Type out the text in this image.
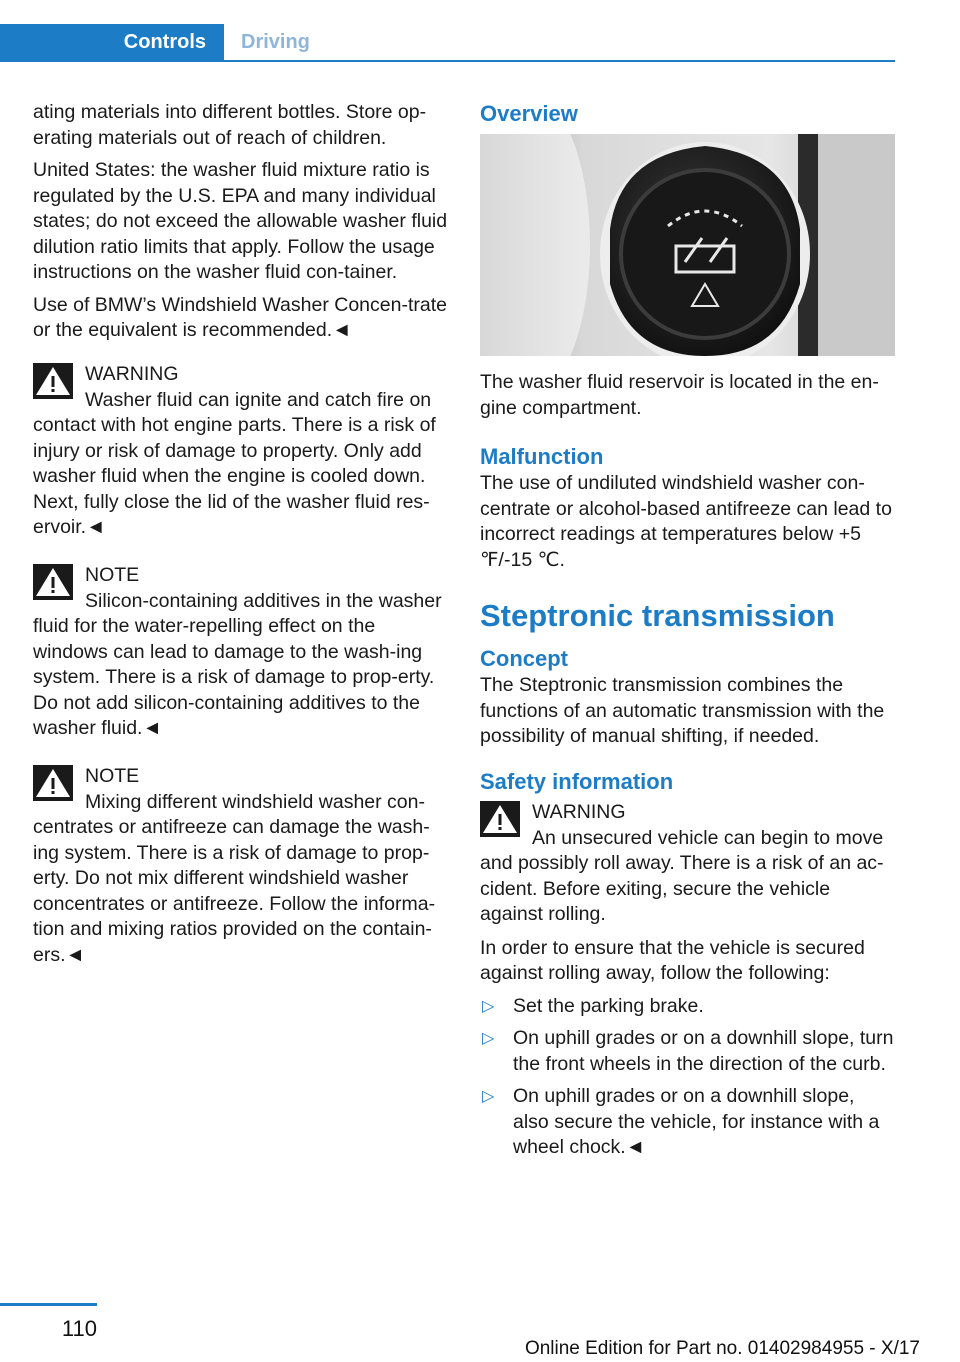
Controls	Driving

ating materials into different bottles. Store op‐erating materials out of reach of children.

United States: the washer fluid mixture ratio is regulated by the U.S. EPA and many individual states; do not exceed the allowable washer fluid dilution ratio limits that apply. Follow the usage instructions on the washer fluid con‐tainer.

Use of BMW’s Windshield Washer Concen‐trate or the equivalent is recommended.◄

WARNING
Washer fluid can ignite and catch fire on contact with hot engine parts. There is a risk of injury or risk of damage to property. Only add washer fluid when the engine is cooled down. Next, fully close the lid of the washer fluid res‐ervoir.◄
NOTE
Silicon-containing additives in the washer fluid for the water-repelling effect on the windows can lead to damage to the wash‐ing system. There is a risk of damage to prop‐erty. Do not add silicon-containing additives to the washer fluid.◄
NOTE
Mixing different windshield washer con‐centrates or antifreeze can damage the wash‐ing system. There is a risk of damage to prop‐erty. Do not mix different windshield washer concentrates or antifreeze. Follow the informa‐tion and mixing ratios provided on the contain‐ers.◄
Overview

The washer fluid reservoir is located in the en‐gine compartment.

Malfunction

The use of undiluted windshield washer con‐centrate or alcohol-based antifreeze can lead to incorrect readings at temperatures below +5 ℉/-15 ℃.

Steptronic transmission
Concept

The Steptronic transmission combines the functions of an automatic transmission with the possibility of manual shifting, if needed.

Safety information
WARNING
An unsecured vehicle can begin to move and possibly roll away. There is a risk of an ac‐cident. Before exiting, secure the vehicle against rolling.

In order to ensure that the vehicle is secured against rolling away, follow the following:

▷ Set the parking brake.
▷ On uphill grades or on a downhill slope, turn the front wheels in the direction of the curb.
▷ On uphill grades or on a downhill slope, also secure the vehicle, for instance with a wheel chock.◄
110
Online Edition for Part no. 01402984955 - X/17
